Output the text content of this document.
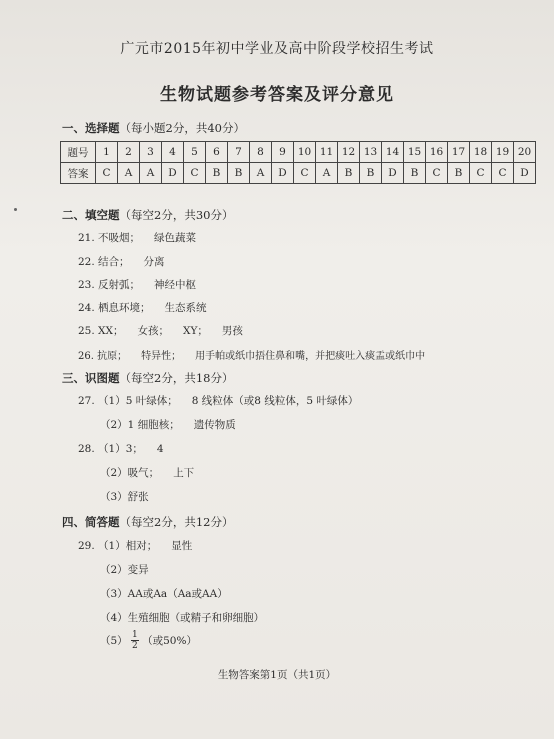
广元市2015年初中学业及高中阶段学校招生考试
生物试题参考答案及评分意见
一、选择题（每小题2分，共40分）
题号	1	2	3	4	5	6	7	8	9	10	11	12	13	14	15	16	17	18	19	20
答案	C	A	A	D	C	B	B	A	D	C	A	B	B	D	B	C	B	C	C	D
二、填空题（每空2分，共30分）
21. 不吸烟； 绿色蔬菜
22. 结合； 分离
23. 反射弧； 神经中枢
24. 栖息环境； 生态系统
25. XX； 女孩； XY； 男孩
26. 抗原； 特异性； 用手帕或纸巾捂住鼻和嘴，并把痰吐入痰盂或纸巾中
三、识图题（每空2分，共18分）
27. （1）5 叶绿体； 8 线粒体（或8 线粒体，5 叶绿体）
（2）1 细胞核； 遗传物质
28. （1）3； 4
（2）吸气； 上下
（3）舒张
四、简答题（每空2分，共12分）
29. （1）相对； 显性
（2）变异
（3）AA或Aa（Aa或AA）
（4）生殖细胞（或精子和卵细胞）
$(5) \frac{1}{2}$ （或50%）
生物答案第1页（共1页）
